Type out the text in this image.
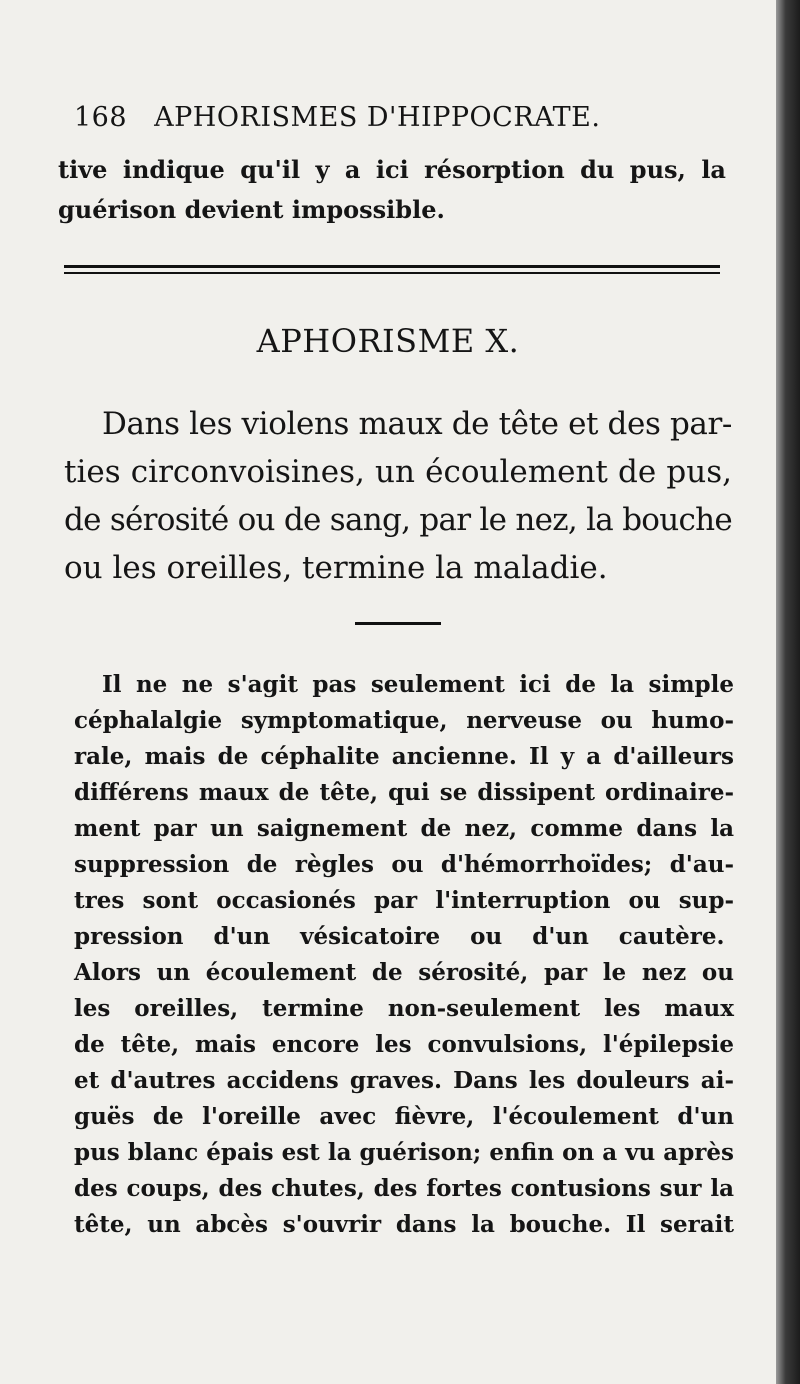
168 APHORISMES D'HIPPOCRATE.
tive indique qu'il y a ici résorption du pus, la
guérison devient impossible.
APHORISME X.
Dans les violens maux de tête et des par-
ties circonvoisines, un écoulement de pus,
de sérosité ou de sang, par le nez, la bouche
ou les oreilles, termine la maladie.
Il ne ne s'agit pas seulement ici de la simple
céphalalgie symptomatique, nerveuse ou humo-
rale, mais de céphalite ancienne. Il y a d'ailleurs
différens maux de tête, qui se dissipent ordinaire-
ment par un saignement de nez, comme dans la
suppression de règles ou d'hémorrhoïdes; d'au-
tres sont occasionés par l'interruption ou sup-
pression d'un vésicatoire ou d'un cautère.
Alors un écoulement de sérosité, par le nez ou
les oreilles, termine non-seulement les maux
de tête, mais encore les convulsions, l'épilepsie
et d'autres accidens graves. Dans les douleurs ai-
guës de l'oreille avec fièvre, l'écoulement d'un
pus blanc épais est la guérison; enfin on a vu après
des coups, des chutes, des fortes contusions sur la
tête, un abcès s'ouvrir dans la bouche. Il serait
